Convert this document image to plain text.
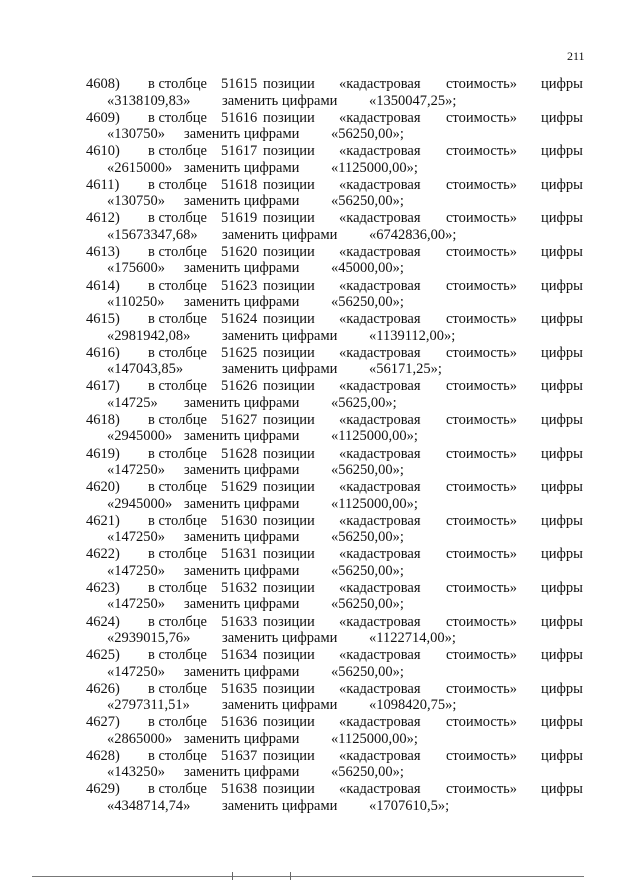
211
4608) в столбце 51615 позиции «кадастровая стоимость» цифры
«3138109,83» заменить цифрами «1350047,25»;
4609) в столбце 51616 позиции «кадастровая стоимость» цифры
«130750» заменить цифрами «56250,00»;
4610) в столбце 51617 позиции «кадастровая стоимость» цифры
«2615000» заменить цифрами «1125000,00»;
4611) в столбце 51618 позиции «кадастровая стоимость» цифры
«130750» заменить цифрами «56250,00»;
4612) в столбце 51619 позиции «кадастровая стоимость» цифры
«15673347,68» заменить цифрами «6742836,00»;
4613) в столбце 51620 позиции «кадастровая стоимость» цифры
«175600» заменить цифрами «45000,00»;
4614) в столбце 51623 позиции «кадастровая стоимость» цифры
«110250» заменить цифрами «56250,00»;
4615) в столбце 51624 позиции «кадастровая стоимость» цифры
«2981942,08» заменить цифрами «1139112,00»;
4616) в столбце 51625 позиции «кадастровая стоимость» цифры
«147043,85»	заменить цифрами «56171,25»;
4617) в столбце 51626 позиции «кадастровая стоимость» цифры
«14725» заменить цифрами «5625,00»;
4618) в столбце 51627 позиции «кадастровая стоимость» цифры
«2945000» заменить цифрами «1125000,00»;
4619) в столбце 51628 позиции «кадастровая стоимость» цифры
«147250» заменить цифрами «56250,00»;
4620) в столбце 51629 позиции «кадастровая стоимость» цифры
«2945000» заменить цифрами «1125000,00»;
4621) в столбце 51630 позиции «кадастровая стоимость» цифры
«147250» заменить цифрами «56250,00»;
4622) в столбце 51631 позиции «кадастровая стоимость» цифры
«147250» заменить цифрами «56250,00»;
4623) в столбце 51632 позиции «кадастровая стоимость» цифры
«147250» заменить цифрами «56250,00»;
4624) в столбце 51633 позиции «кадастровая стоимость» цифры
«2939015,76» заменить цифрами «1122714,00»;
4625) в столбце 51634 позиции «кадастровая стоимость» цифры
«147250» заменить цифрами «56250,00»;
4626) в столбце 51635 позиции «кадастровая стоимость» цифры
«2797311,51» заменить цифрами «1098420,75»;
4627) в столбце 51636 позиции «кадастровая стоимость» цифры
«2865000» заменить цифрами «1125000,00»;
4628) в столбце 51637 позиции «кадастровая стоимость» цифры
«143250» заменить цифрами «56250,00»;
4629) в столбце 51638 позиции «кадастровая стоимость» цифры
«4348714,74» заменить цифрами «1707610,5»;
